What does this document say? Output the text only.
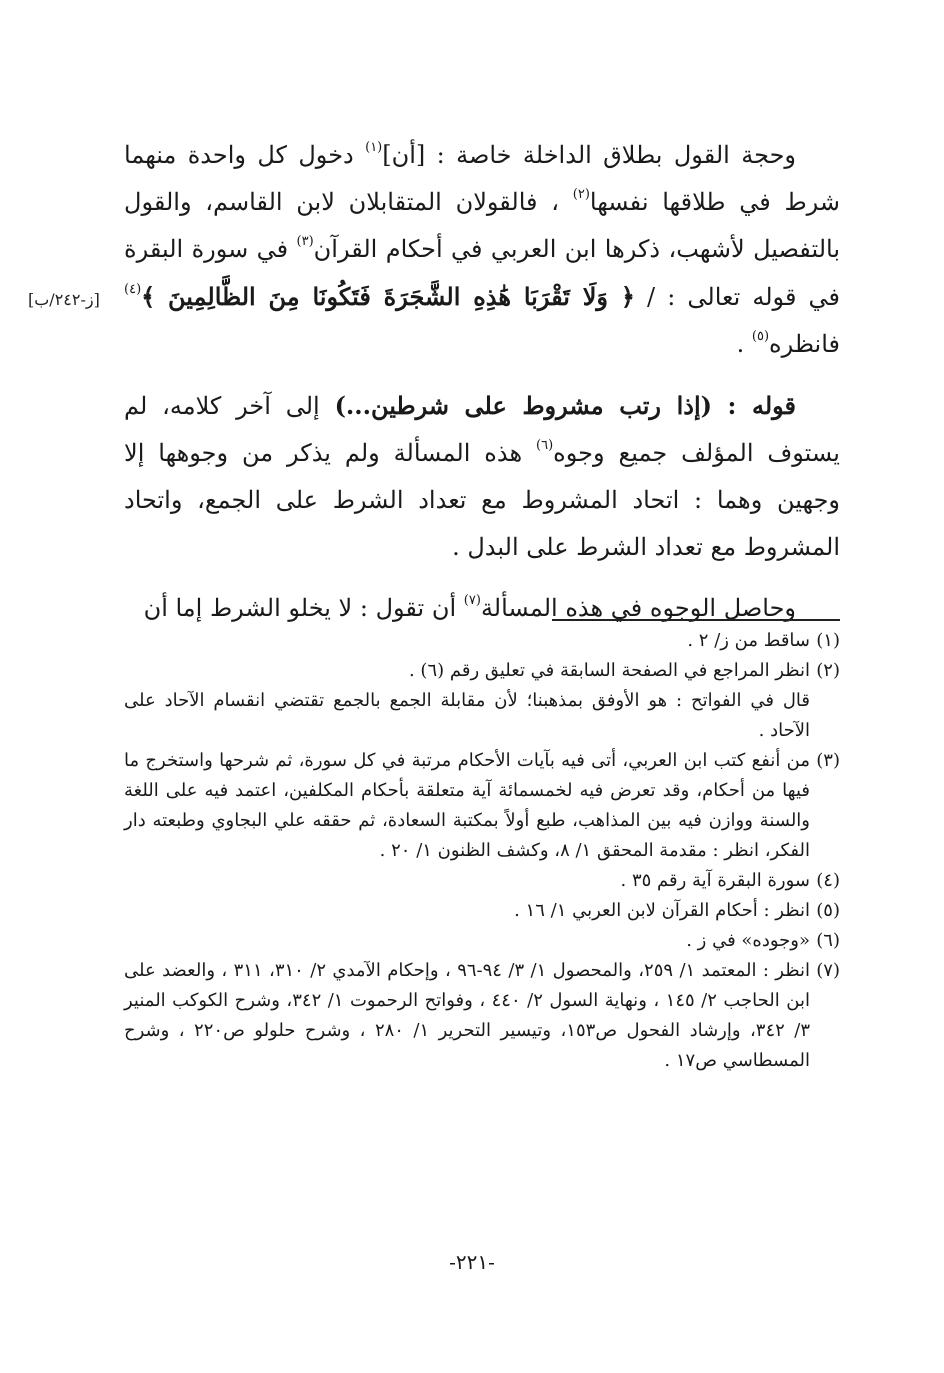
وحجة القول بطلاق الداخلة خاصة : [أن]$^{(١)}$ دخول كل واحدة منهما شرط في طلاقها نفسها$^{(٢)}$ ، فالقولان المتقابلان لابن القاسم، والقول بالتفصيل لأشهب، ذكرها ابن العربي في أحكام القرآن$^{(٣)}$ في سورة البقرة في قوله تعالى : / ﴿ وَلَا تَقْرَبَا هَٰذِهِ الشَّجَرَةَ فَتَكُونَا مِنَ الظَّالِمِينَ ﴾$^{(٤)}$ فانظره$^{(٥)}$ .

قوله : (إذا رتب مشروط على شرطين...) إلى آخر كلامه، لم يستوف المؤلف جميع وجوه$^{(٦)}$ هذه المسألة ولم يذكر من وجوهها إلا وجهين وهما : اتحاد المشروط مع تعداد الشرط على الجمع، واتحاد المشروط مع تعداد الشرط على البدل .

وحاصل الوجوه في هذه المسألة$^{(٧)}$ أن تقول : لا يخلو الشرط إما أن

[ز-٢٤٢/ب]
(١)
ساقط من ز/ ٢ .
(٢)
انظر المراجع في الصفحة السابقة في تعليق رقم (٦) .
قال في الفواتح : هو الأوفق بمذهبنا؛ لأن مقابلة الجمع بالجمع تقتضي انقسام الآحاد على الآحاد .
(٣)
من أنفع كتب ابن العربي، أتى فيه بآيات الأحكام مرتبة في كل سورة، ثم شرحها واستخرج ما فيها من أحكام، وقد تعرض فيه لخمسمائة آية متعلقة بأحكام المكلفين، اعتمد فيه على اللغة والسنة ووازن فيه بين المذاهب، طبع أولاً بمكتبة السعادة، ثم حققه علي البجاوي وطبعته دار الفكر، انظر : مقدمة المحقق ١/ ٨، وكشف الظنون ١/ ٢٠ .
(٤)
سورة البقرة آية رقم ٣٥ .
(٥)
انظر : أحكام القرآن لابن العربي ١/ ١٦ .
(٦)
«وجوده» في ز .
(٧)
انظر : المعتمد ١/ ٢٥٩، والمحصول ١/ ٣/ ٩٤-٩٦ ، وإحكام الآمدي ٢/ ٣١٠، ٣١١ ، والعضد على ابن الحاجب ٢/ ١٤٥ ، ونهاية السول ٢/ ٤٤٠ ، وفواتح الرحموت ١/ ٣٤٢، وشرح الكوكب المنير ٣/ ٣٤٢، وإرشاد الفحول ص١٥٣، وتيسير التحرير ١/ ٢٨٠ ، وشرح حلولو ص٢٢٠ ، وشرح المسطاسي ص١٧ .
-٢٢١-
